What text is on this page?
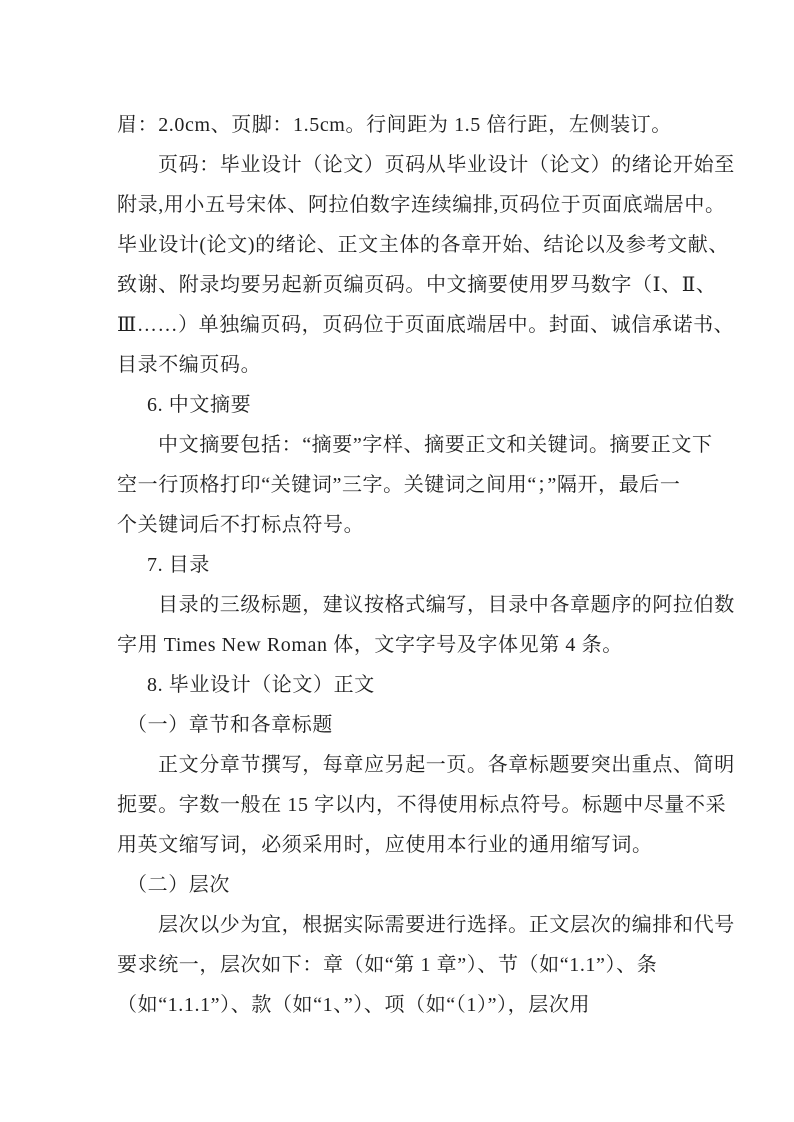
眉：2.0cm、页脚：1.5cm。行间距为 1.5 倍行距，左侧装订。
页码：毕业设计（论文）页码从毕业设计（论文）的绪论开始至
附录,用小五号宋体、阿拉伯数字连续编排,页码位于页面底端居中。
毕业设计(论文)的绪论、正文主体的各章开始、结论以及参考文献、
致谢、附录均要另起新页编页码。中文摘要使用罗马数字（Ⅰ、Ⅱ、
Ⅲ……）单独编页码，页码位于页面底端居中。封面、诚信承诺书、
目录不编页码。
6. 中文摘要
中文摘要包括：“摘要”字样、摘要正文和关键词。摘要正文下
空一行顶格打印“关键词”三字。关键词之间用“；”隔开，最后一
个关键词后不打标点符号。
7. 目录
目录的三级标题，建议按格式编写，目录中各章题序的阿拉伯数
字用 Times New Roman 体，文字字号及字体见第 4 条。
8. 毕业设计（论文）正文
（一）章节和各章标题
正文分章节撰写，每章应另起一页。各章标题要突出重点、简明
扼要。字数一般在 15 字以内，不得使用标点符号。标题中尽量不采
用英文缩写词，必须采用时，应使用本行业的通用缩写词。
（二）层次
层次以少为宜，根据实际需要进行选择。正文层次的编排和代号
要求统一，层次如下：章（如“第 1 章”）、节（如“1.1”）、条
（如“1.1.1”）、款（如“1、”）、项（如“（1）”），层次用
